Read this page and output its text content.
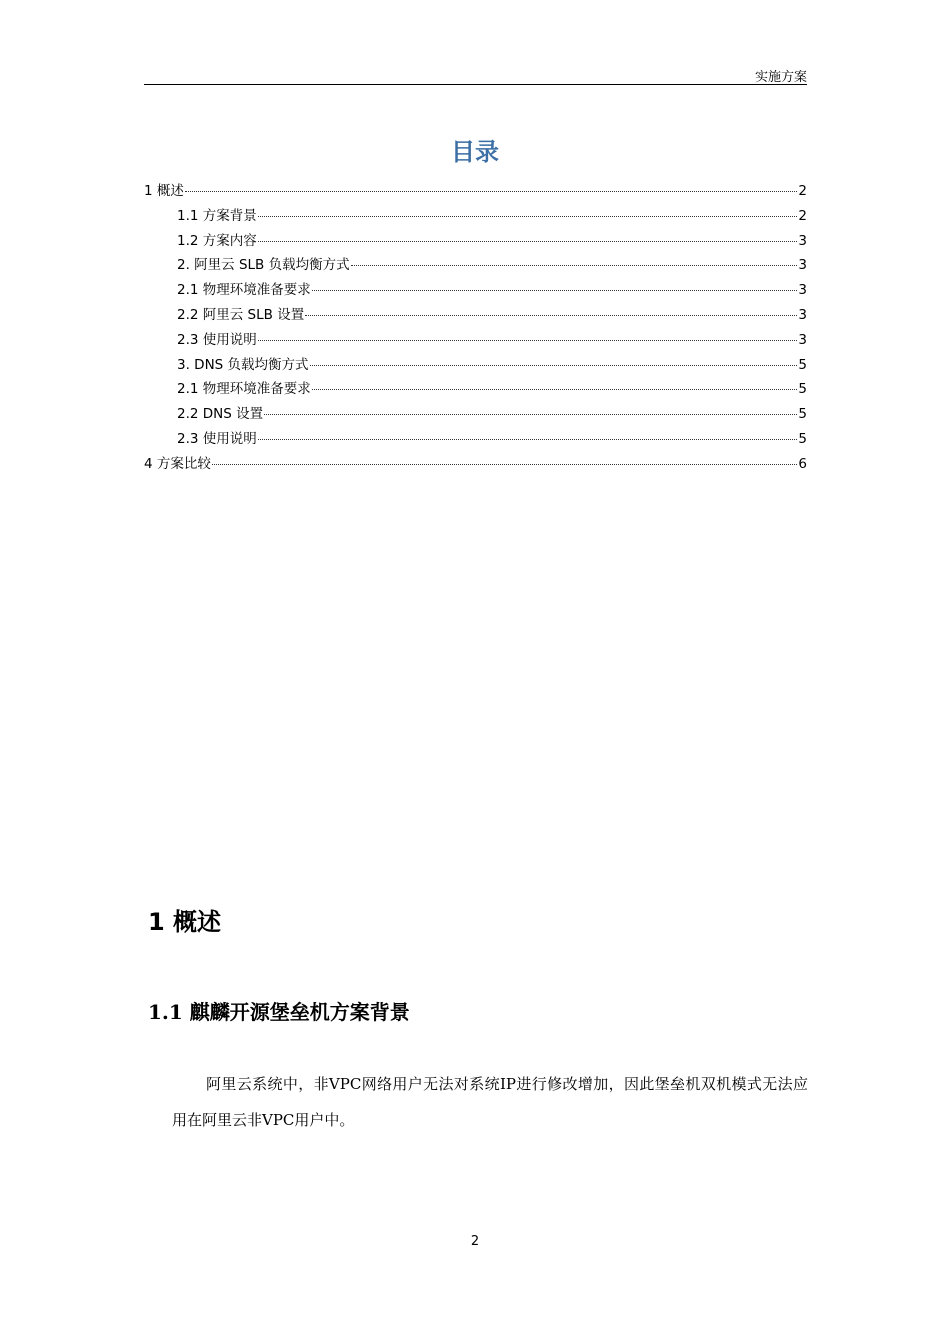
实施方案
目录
1 概述	2
1.1 方案背景	2
1.2 方案内容	3
2. 阿里云 SLB 负载均衡方式	3
2.1 物理环境准备要求	3
2.2 阿里云 SLB 设置	3
2.3 使用说明	3
3. DNS 负载均衡方式	5
2.1 物理环境准备要求	5
2.2 DNS 设置	5
2.3 使用说明	5
4 方案比较	6
1 概述
1.1 麒麟开源堡垒机方案背景
阿里云系统中，非VPC网络用户无法对系统IP进行修改增加，因此堡垒机双机模式无法应用在阿里云非VPC用户中。
2
